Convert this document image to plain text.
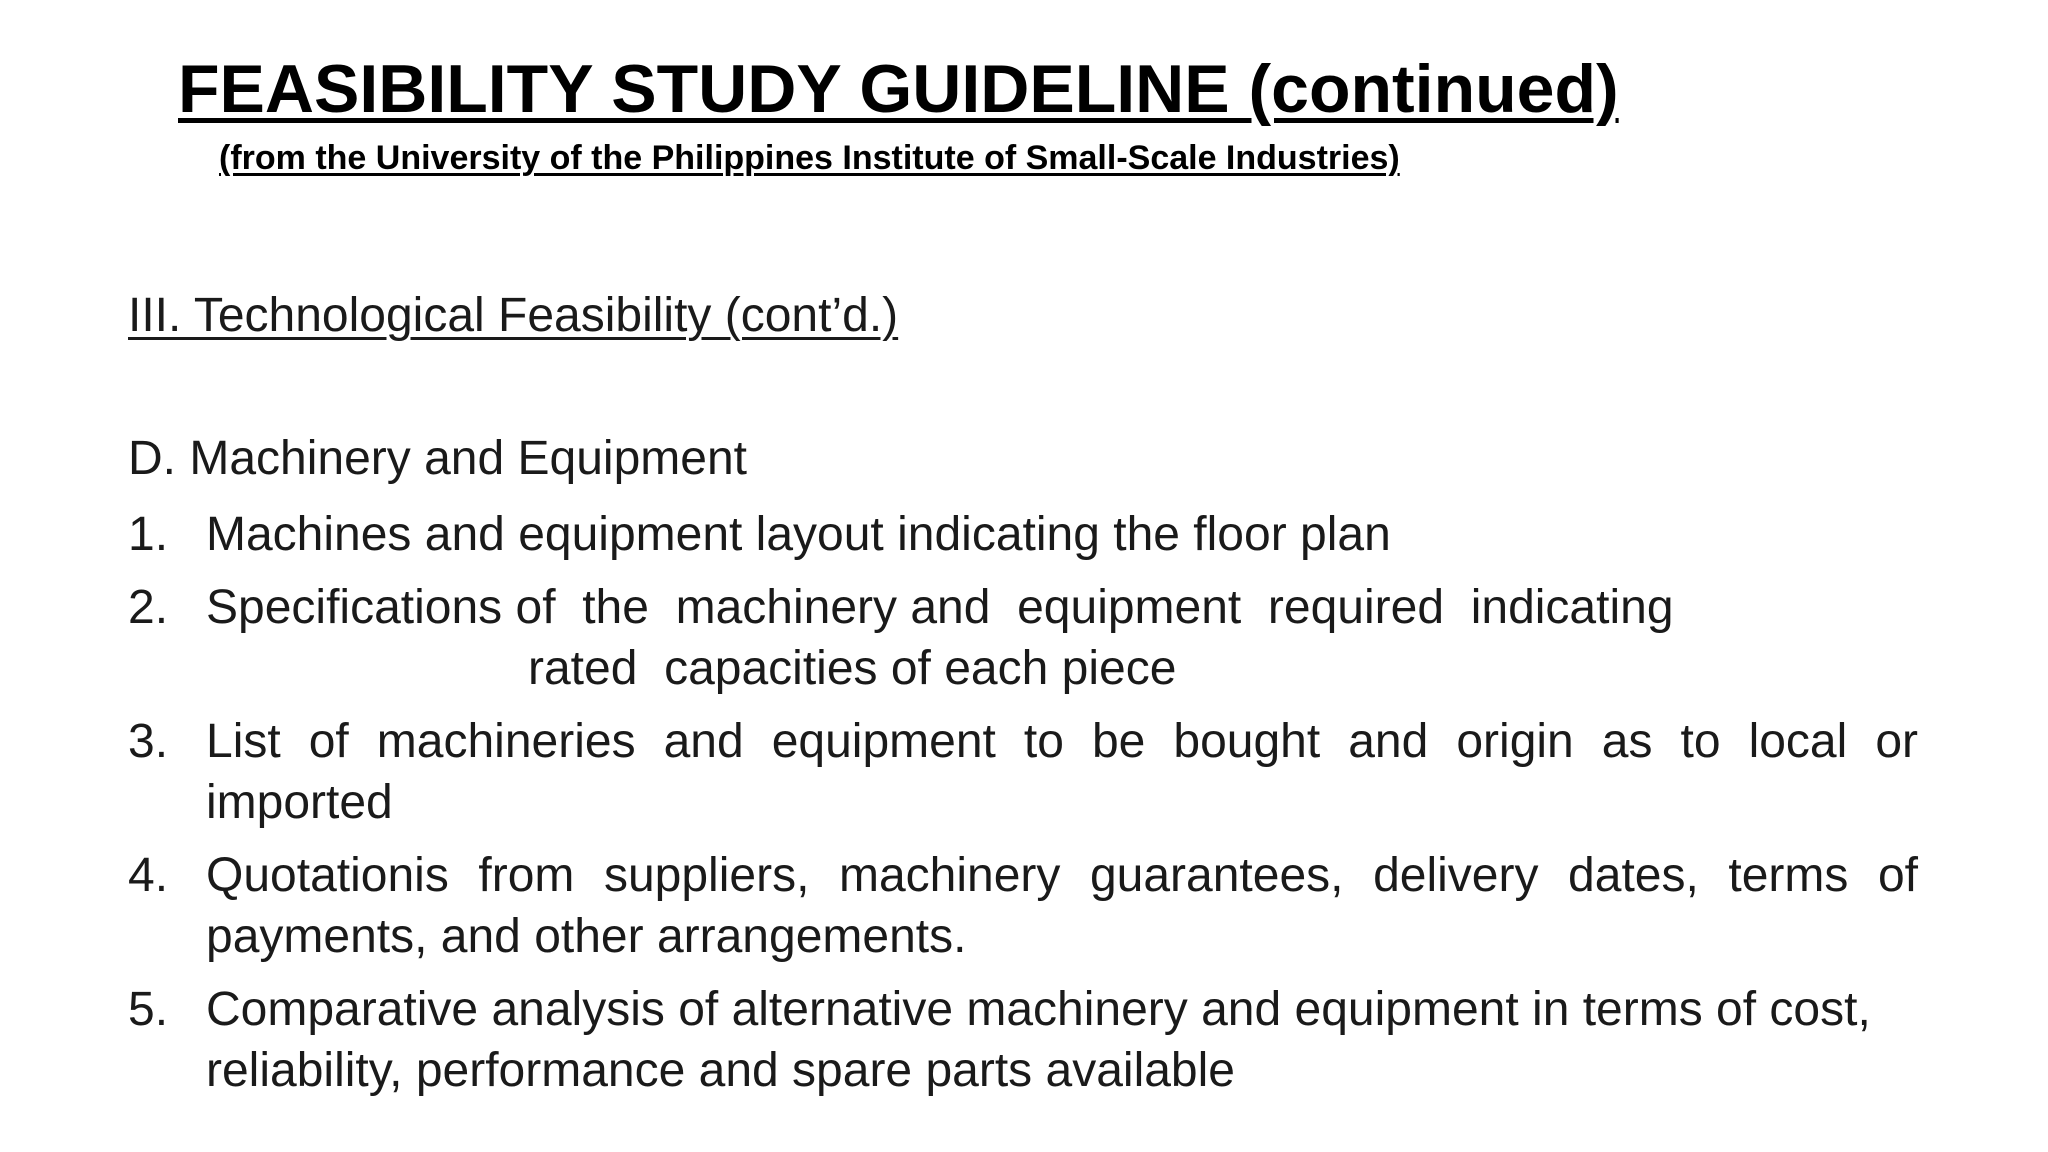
FEASIBILITY STUDY GUIDELINE (continued)

(from the University of the Philippines Institute of Small-Scale Industries)

III. Technological Feasibility (cont’d.)

D. Machinery and Equipment

1. Machines and equipment layout indicating the floor plan
2. Specifications of  the  machinery and  equipment  required  indicating
rated  capacities of each piece
3. List of machineries and equipment to be bought and origin as to local or imported
4. Quotationis from suppliers, machinery guarantees, delivery dates, terms of payments, and other arrangements.
5. Comparative analysis of alternative machinery and equipment in terms of cost, reliability, performance and spare parts available
